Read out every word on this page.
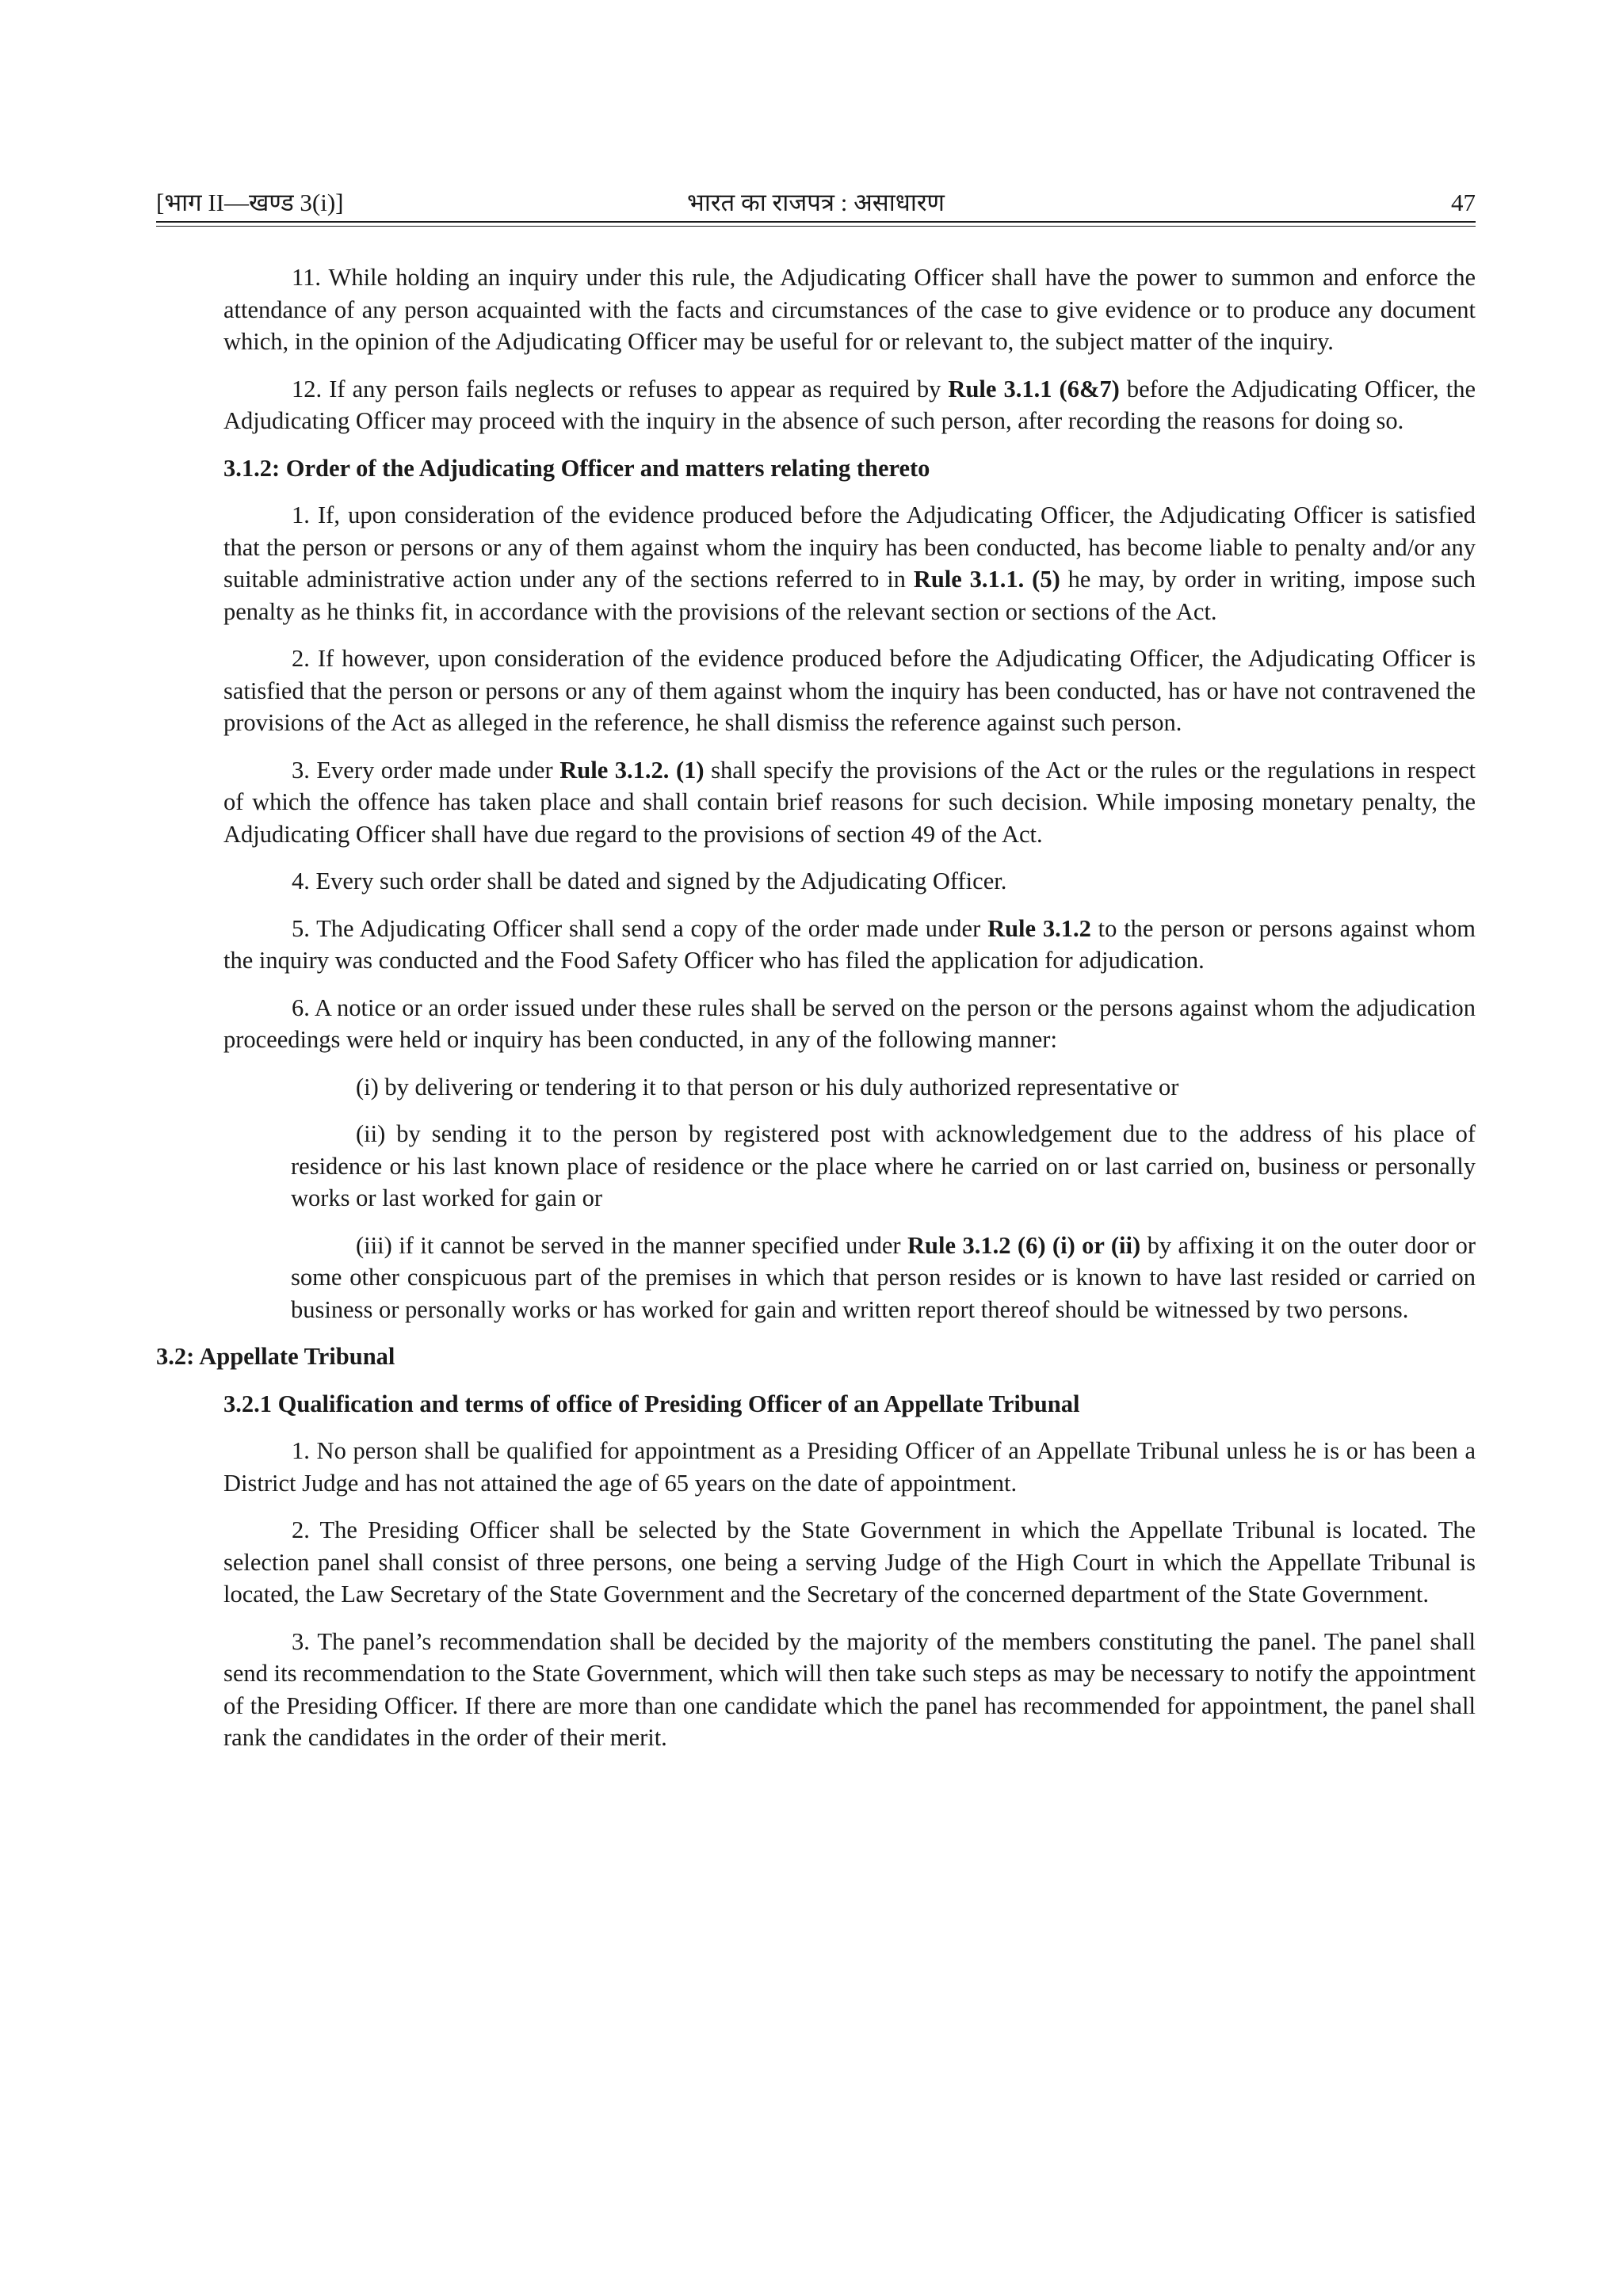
[भाग II—खण्ड 3(i)]	भारत का राजपत्र : असाधारण	47

11. While holding an inquiry under this rule, the Adjudicating Officer shall have the power to summon and enforce the attendance of any person acquainted with the facts and circumstances of the case to give evidence or to produce any document which, in the opinion of the Adjudicating Officer may be useful for or relevant to, the subject matter of the inquiry.

12. If any person fails neglects or refuses to appear as required by Rule 3.1.1 (6&7) before the Adjudicating Officer, the Adjudicating Officer may proceed with the inquiry in the absence of such person, after recording the reasons for doing so.

3.1.2: Order of the Adjudicating Officer and matters relating thereto

1. If, upon consideration of the evidence produced before the Adjudicating Officer, the Adjudicating Officer is satisfied that the person or persons or any of them against whom the inquiry has been conducted, has become liable to penalty and/or any suitable administrative action under any of the sections referred to in Rule 3.1.1. (5) he may, by order in writing, impose such penalty as he thinks fit, in accordance with the provisions of the relevant section or sections of the Act.

2. If however, upon consideration of the evidence produced before the Adjudicating Officer, the Adjudicating Officer is satisfied that the person or persons or any of them against whom the inquiry has been conducted, has or have not contravened the provisions of the Act as alleged in the reference, he shall dismiss the reference against such person.

3. Every order made under Rule 3.1.2. (1) shall specify the provisions of the Act or the rules or the regulations in respect of which the offence has taken place and shall contain brief reasons for such decision. While imposing monetary penalty, the Adjudicating Officer shall have due regard to the provisions of section 49 of the Act.

4. Every such order shall be dated and signed by the Adjudicating Officer.

5. The Adjudicating Officer shall send a copy of the order made under Rule 3.1.2 to the person or persons against whom the inquiry was conducted and the Food Safety Officer who has filed the application for adjudication.

6. A notice or an order issued under these rules shall be served on the person or the persons against whom the adjudication proceedings were held or inquiry has been conducted, in any of the following manner:

(i) by delivering or tendering it to that person or his duly authorized representative or

(ii) by sending it to the person by registered post with acknowledgement due to the address of his place of residence or his last known place of residence or the place where he carried on or last carried on, business or personally works or last worked for gain or

(iii) if it cannot be served in the manner specified under Rule 3.1.2 (6) (i) or (ii) by affixing it on the outer door or some other conspicuous part of the premises in which that person resides or is known to have last resided or carried on business or personally works or has worked for gain and written report thereof should be witnessed by two persons.

3.2: Appellate Tribunal

3.2.1 Qualification and terms of office of Presiding Officer of an Appellate Tribunal

1. No person shall be qualified for appointment as a Presiding Officer of an Appellate Tribunal unless he is or has been a District Judge and has not attained the age of 65 years on the date of appointment.

2. The Presiding Officer shall be selected by the State Government in which the Appellate Tribunal is located. The selection panel shall consist of three persons, one being a serving Judge of the High Court in which the Appellate Tribunal is located, the Law Secretary of the State Government and the Secretary of the concerned department of the State Government.

3. The panel’s recommendation shall be decided by the majority of the members constituting the panel. The panel shall send its recommendation to the State Government, which will then take such steps as may be necessary to notify the appointment of the Presiding Officer. If there are more than one candidate which the panel has recommended for appointment, the panel shall rank the candidates in the order of their merit.
